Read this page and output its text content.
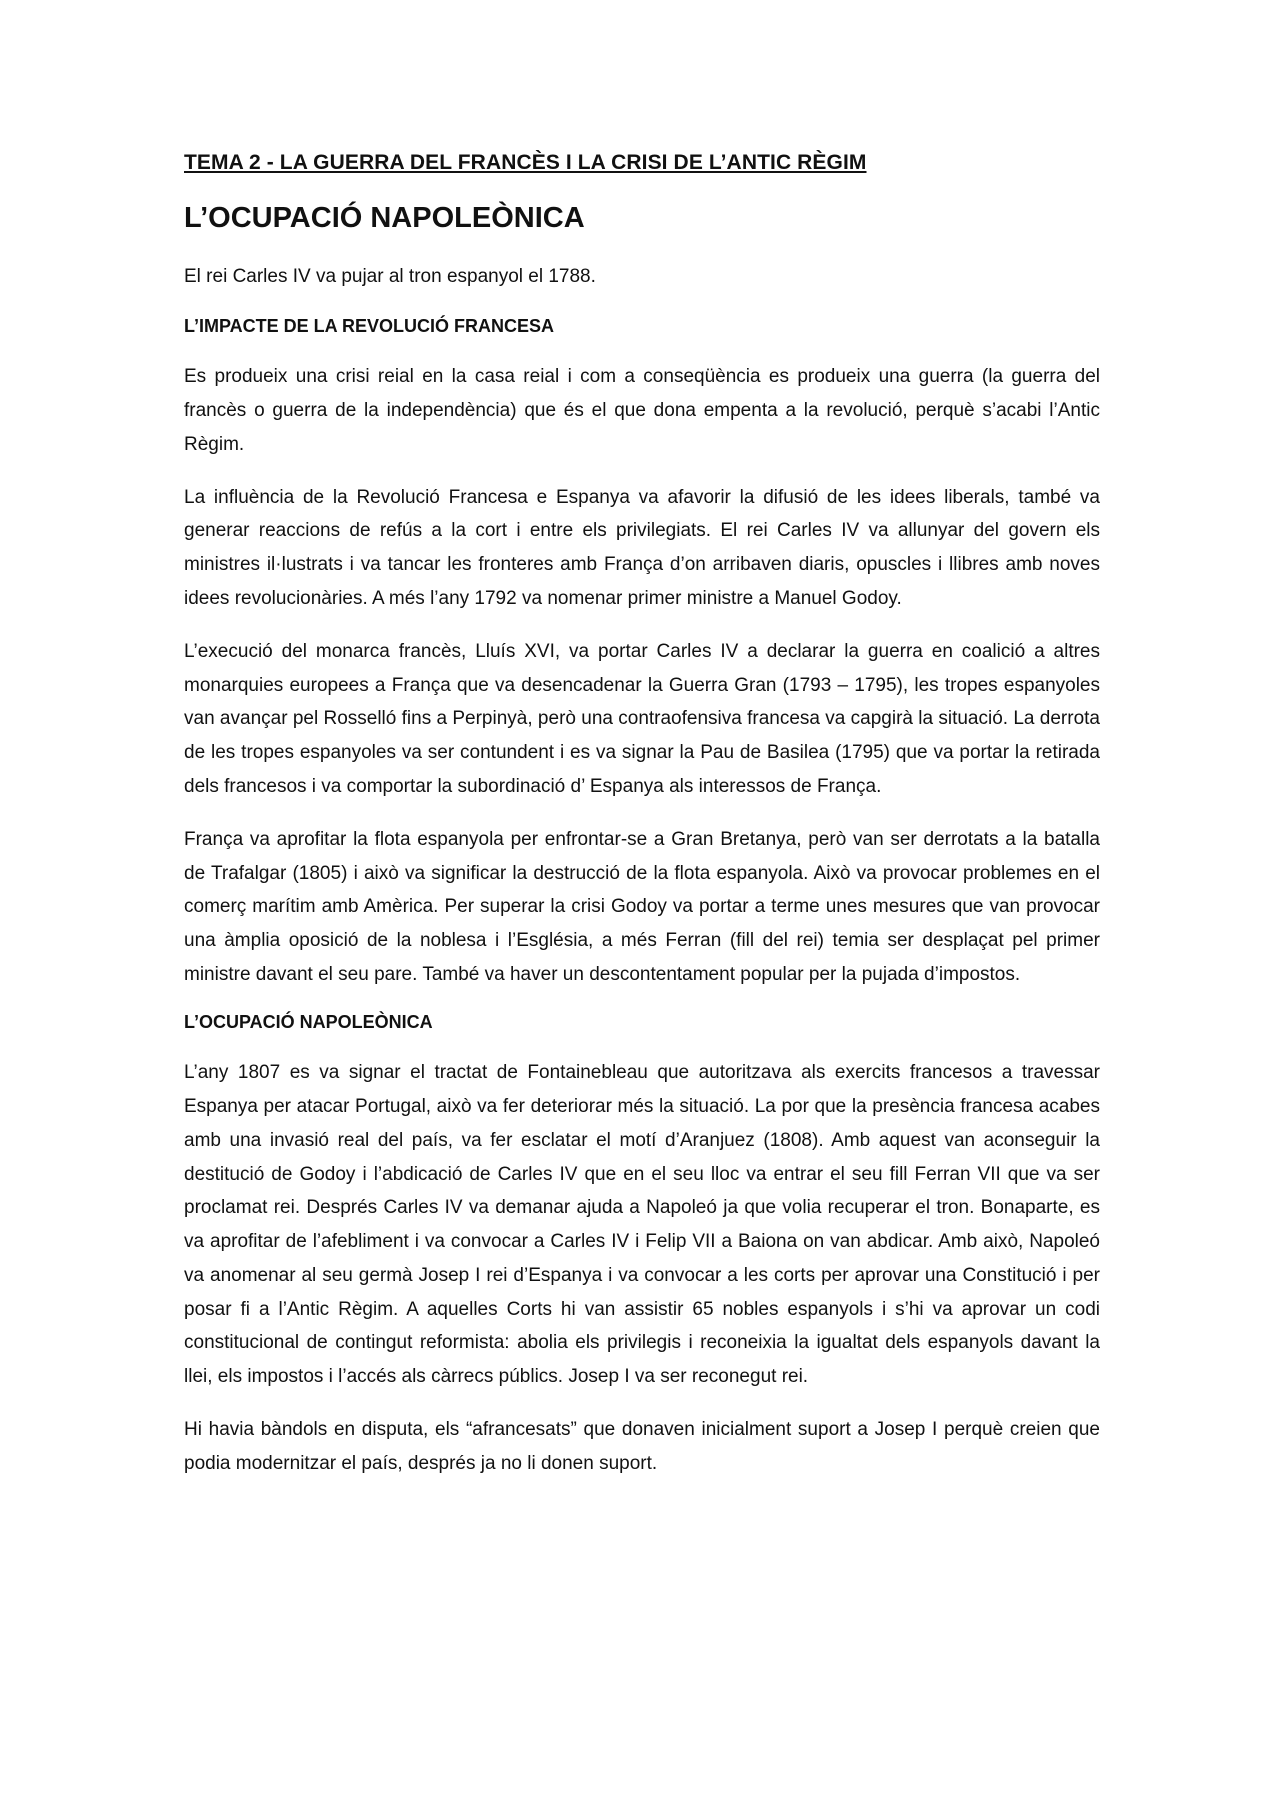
TEMA 2 - LA GUERRA DEL FRANCÈS I LA CRISI DE L’ANTIC RÈGIM
L’OCUPACIÓ NAPOLEÒNICA

El rei Carles IV va pujar al tron espanyol el 1788.

L’IMPACTE DE LA REVOLUCIÓ FRANCESA

Es produeix una crisi reial en la casa reial i com a conseqüència es produeix una guerra (la guerra del francès o guerra de la independència) que és el que dona empenta a la revolució, perquè s’acabi l’Antic Règim.

La influència de la Revolució Francesa e Espanya va afavorir la difusió de les idees liberals, també va generar reaccions de refús a la cort i entre els privilegiats. El rei Carles IV va allunyar del govern els ministres il·lustrats i va tancar les fronteres amb França d’on arribaven diaris, opuscles i llibres amb noves idees revolucionàries. A més l’any 1792 va nomenar primer ministre a Manuel Godoy.

L’execució del monarca francès, Lluís XVI, va portar Carles IV a declarar la guerra en coalició a altres monarquies europees a França que va desencadenar la Guerra Gran (1793 – 1795), les tropes espanyoles van avançar pel Rosselló fins a Perpinyà, però una contraofensiva francesa va capgirà la situació. La derrota de les tropes espanyoles va ser contundent i es va signar la Pau de Basilea (1795) que va portar la retirada dels francesos i va comportar la subordinació d’ Espanya als interessos de França.

França va aprofitar la flota espanyola per enfrontar-se a Gran Bretanya, però van ser derrotats a la batalla de Trafalgar (1805) i això va significar la destrucció de la flota espanyola. Això va provocar problemes en el comerç marítim amb Amèrica. Per superar la crisi Godoy va portar a terme unes mesures que van provocar una àmplia oposició de la noblesa i l’Església, a més Ferran (fill del rei) temia ser desplaçat pel primer ministre davant el seu pare. També va haver un descontentament popular per la pujada d’impostos.

L’OCUPACIÓ NAPOLEÒNICA

L’any 1807 es va signar el tractat de Fontainebleau que autoritzava als exercits francesos a travessar Espanya per atacar Portugal, això va fer deteriorar més la situació. La por que la presència francesa acabes amb una invasió real del país, va fer esclatar el motí d’Aranjuez (1808). Amb aquest van aconseguir la destitució de Godoy i l’abdicació de Carles IV que en el seu lloc va entrar el seu fill Ferran VII que va ser proclamat rei. Després Carles IV va demanar ajuda a Napoleó ja que volia recuperar el tron. Bonaparte, es va aprofitar de l’afebliment i va convocar a Carles IV i Felip VII a Baiona on van abdicar. Amb això, Napoleó va anomenar al seu germà Josep I rei d’Espanya i va convocar a les corts per aprovar una Constitució i per posar fi a l’Antic Règim. A aquelles Corts hi van assistir 65 nobles espanyols i s’hi va aprovar un codi constitucional de contingut reformista: abolia els privilegis i reconeixia la igualtat dels espanyols davant la llei, els impostos i l’accés als càrrecs públics. Josep I va ser reconegut rei.

Hi havia bàndols en disputa, els “afrancesats” que donaven inicialment suport a Josep I perquè creien que podia modernitzar el país, després ja no li donen suport.
